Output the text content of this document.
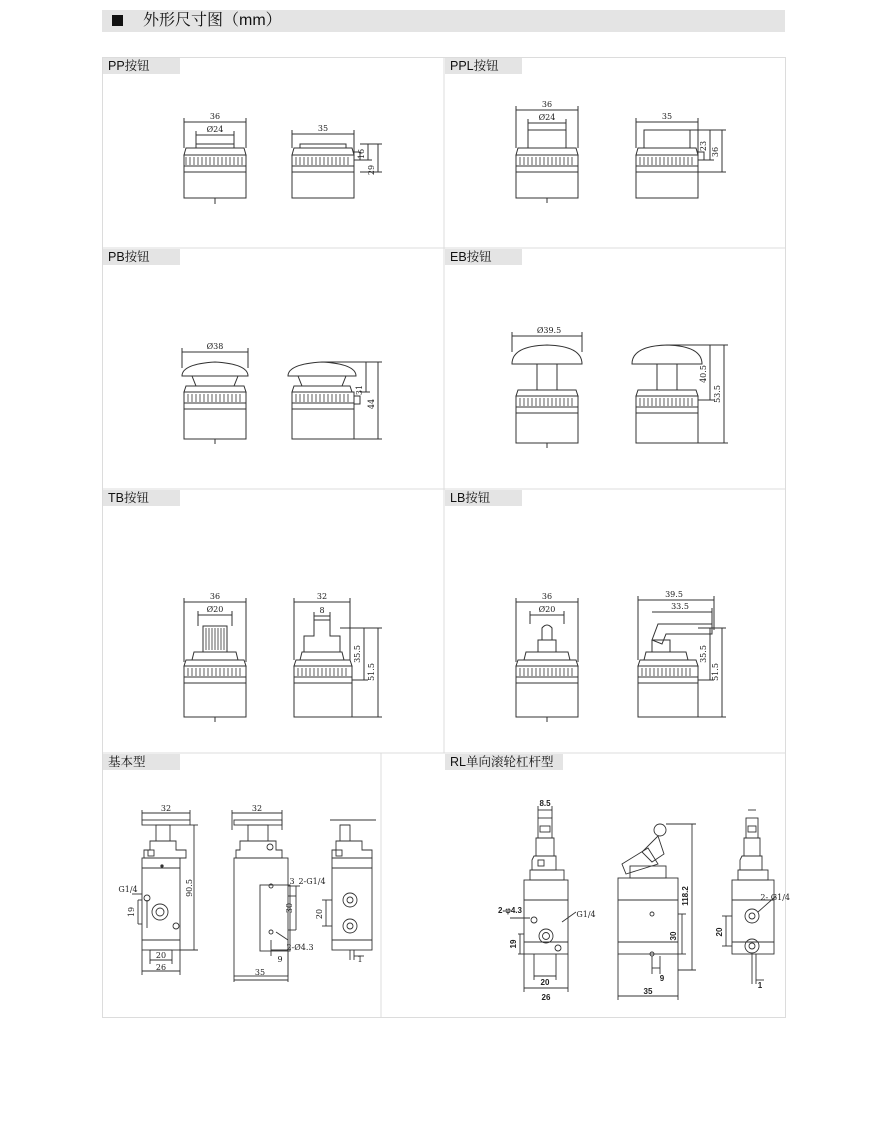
外形尺寸图（mm）
PP按钮	PPL按钮
PB按钮	EB按钮
TB按钮	LB按钮
基本型	RL单向滚轮杠杆型
36
Ø24	35
16
29
36
Ø24	35
23
36
Ø38
31
44
Ø39.5
40.5
53.5
36
Ø20
32
8
35.5
51.5
36
Ø20
39.5
33.5
35.5
51.5
32	32
G1/4
19
20
26
90.5	3 2-G1/4
30
2-Ø4.3
9
35
20
1
8.5
2-φ4.3	G1/4
19
20
26
118.2
30
9
35
2- G1/4
20
1
